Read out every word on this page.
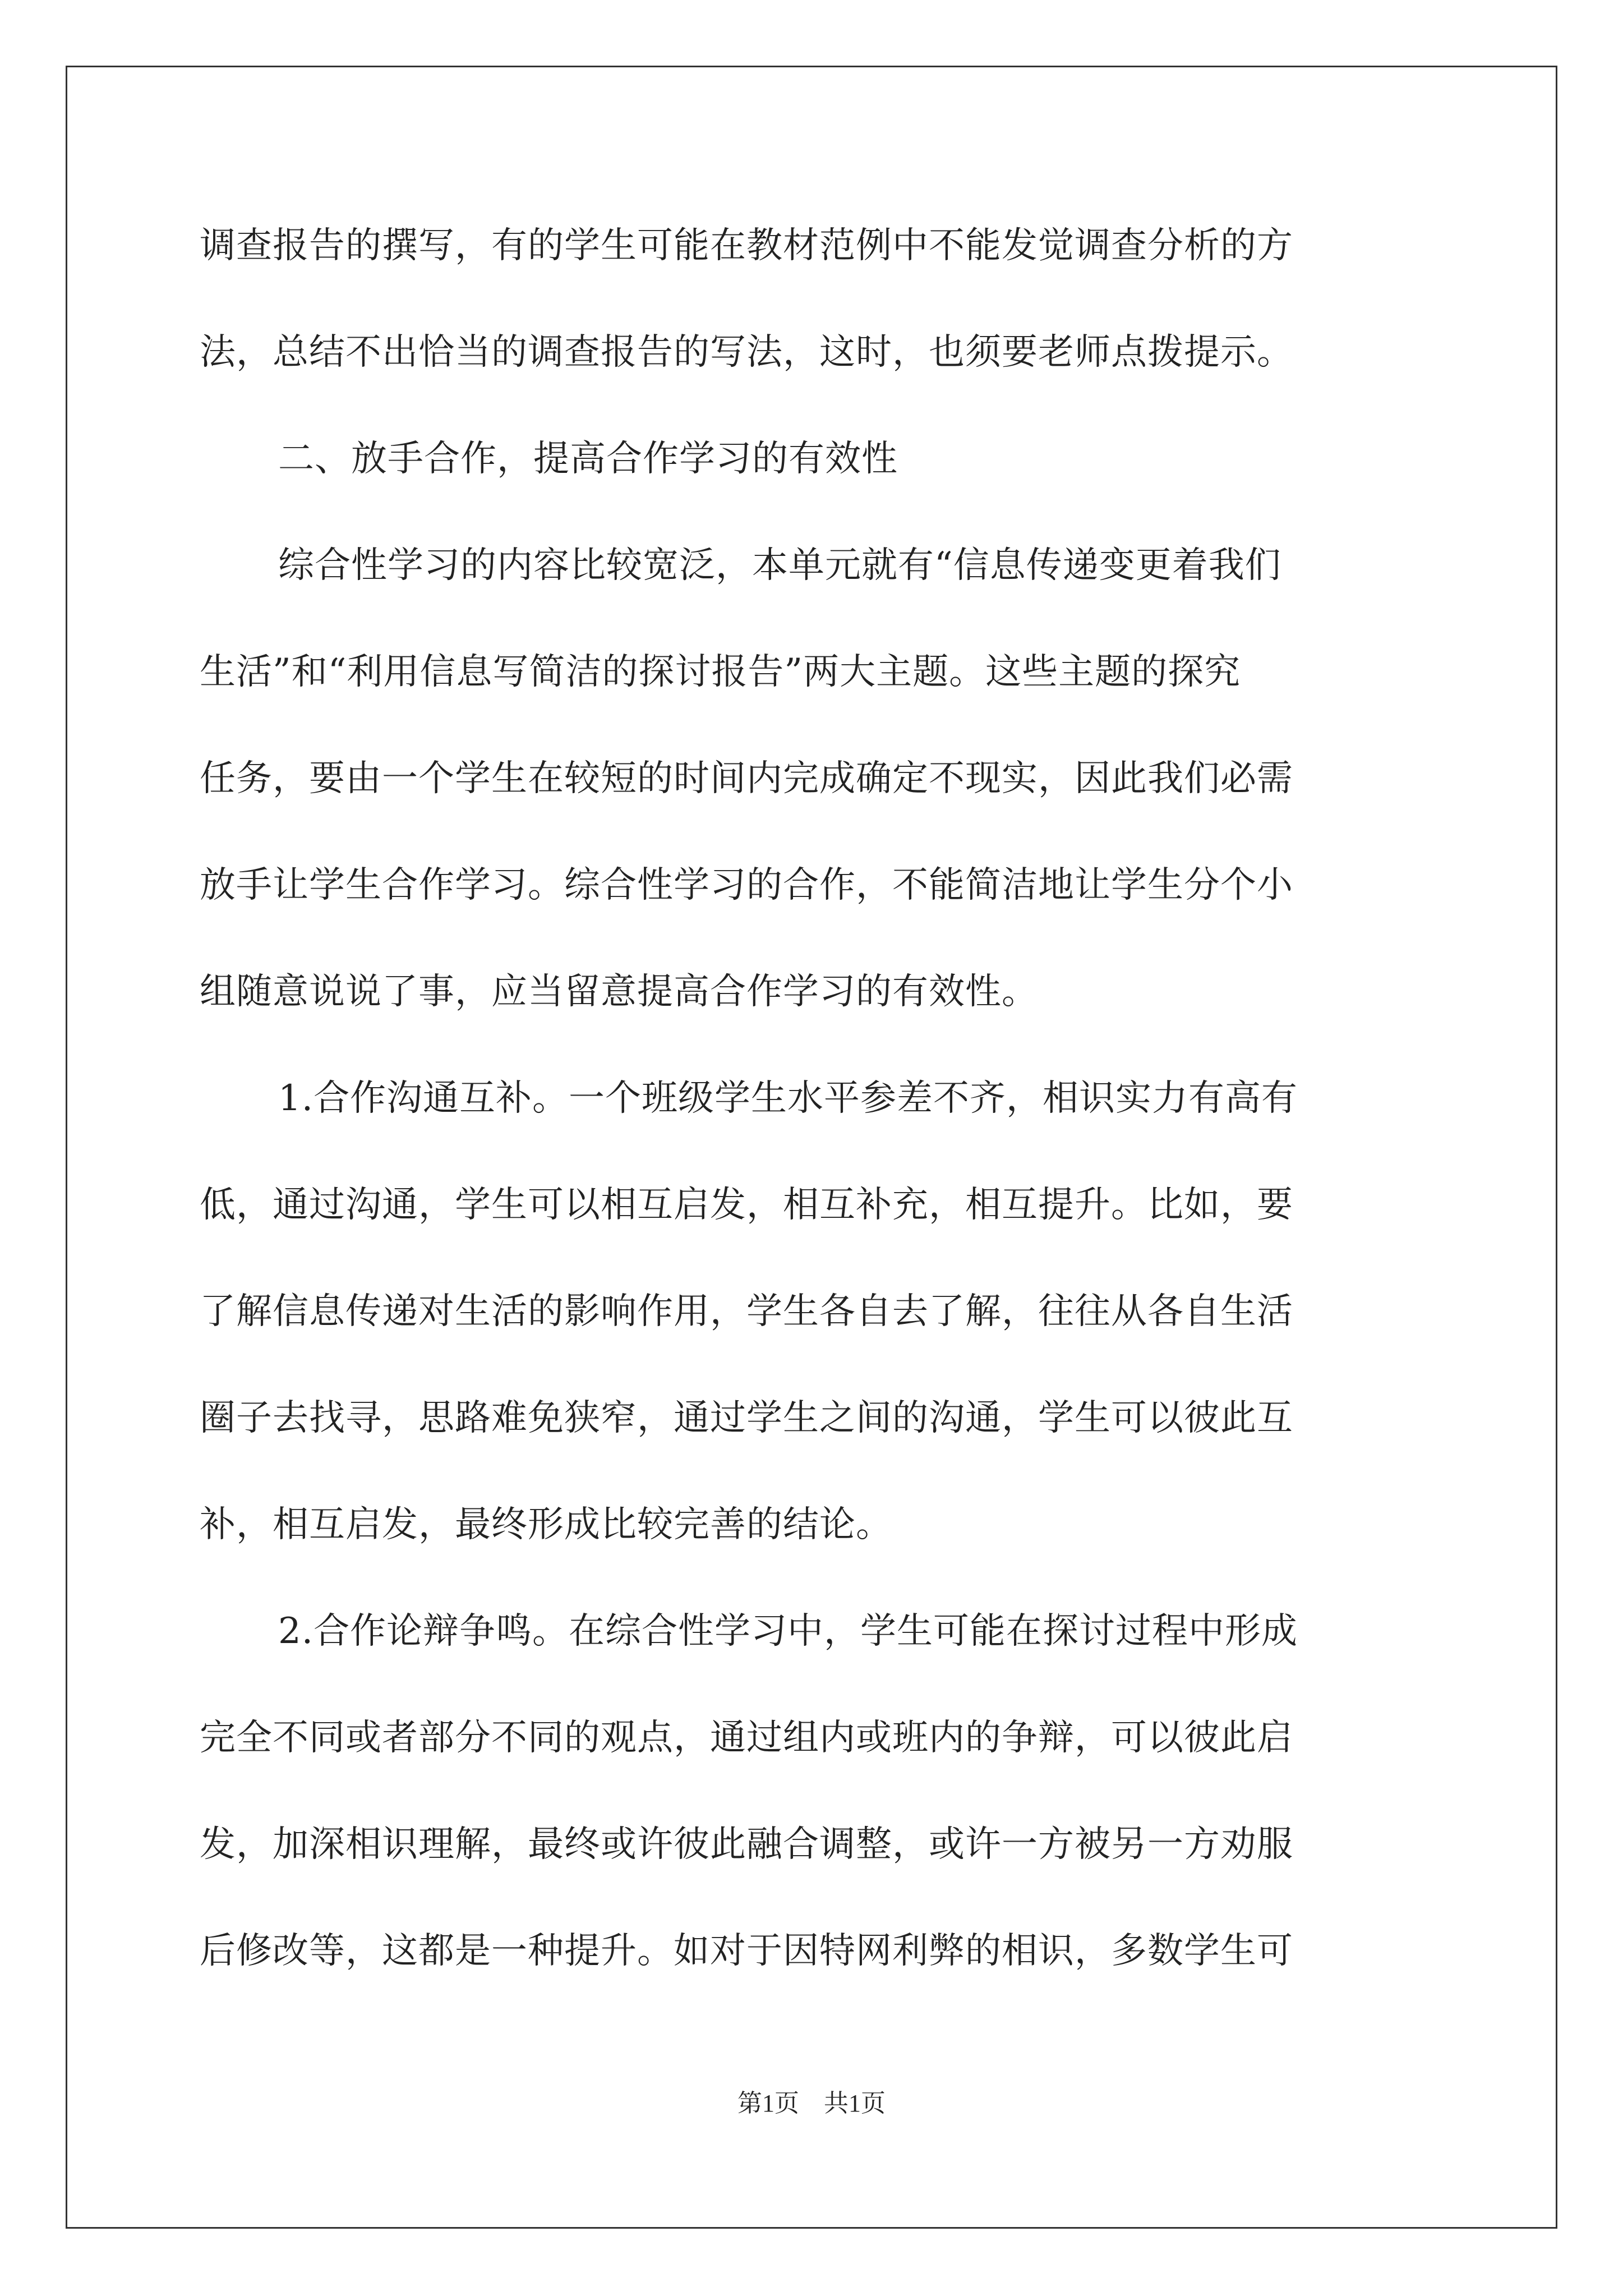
调查报告的撰写，有的学生可能在教材范例中不能发觉调查分析的方
法，总结不出恰当的调查报告的写法，这时，也须要老师点拨提示。
二、放手合作，提高合作学习的有效性
综合性学习的内容比较宽泛，本单元就有“信息传递变更着我们
生活”和“利用信息写简洁的探讨报告”两大主题。这些主题的探究
任务，要由一个学生在较短的时间内完成确定不现实，因此我们必需
放手让学生合作学习。综合性学习的合作，不能简洁地让学生分个小
组随意说说了事，应当留意提高合作学习的有效性。
1.合作沟通互补。一个班级学生水平参差不齐，相识实力有高有
低，通过沟通，学生可以相互启发，相互补充，相互提升。比如，要
了解信息传递对生活的影响作用，学生各自去了解，往往从各自生活
圈子去找寻，思路难免狭窄，通过学生之间的沟通，学生可以彼此互
补，相互启发，最终形成比较完善的结论。
2.合作论辩争鸣。在综合性学习中，学生可能在探讨过程中形成
完全不同或者部分不同的观点，通过组内或班内的争辩，可以彼此启
发，加深相识理解，最终或许彼此融合调整，或许一方被另一方劝服
后修改等，这都是一种提升。如对于因特网利弊的相识，多数学生可
第1页　共1页
